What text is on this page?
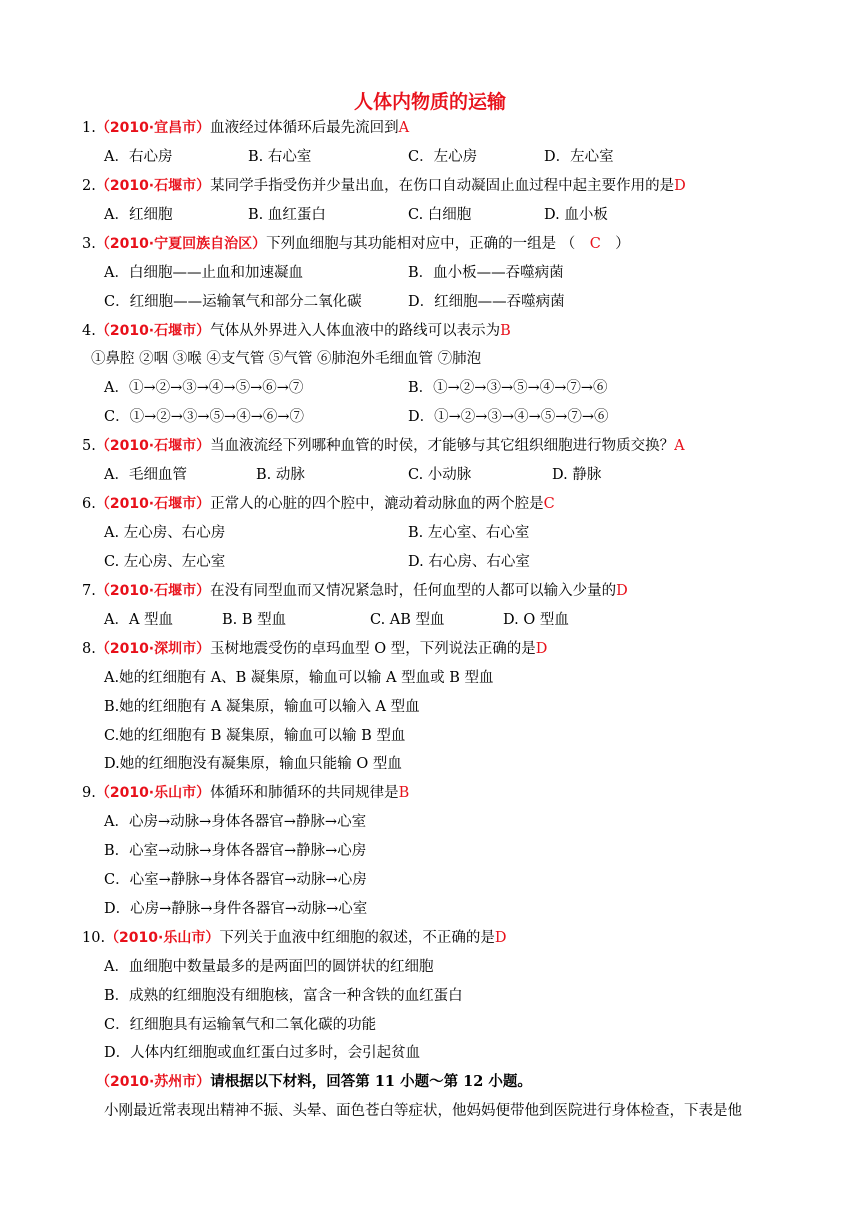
人体内物质的运输
1.（2010·宜昌市）血液经过体循环后最先流回到A
A．右心房	B. 右心室	C．左心房	D．左心室
2.（2010·石堰市）某同学手指受伤并少量出血，在伤口自动凝固止血过程中起主要作用的是D
A．红细胞	B. 血红蛋白	C. 白细胞	D. 血小板
3.（2010·宁夏回族自治区）下列血细胞与其功能相对应中，正确的一组是 （ C ）
A．白细胞——止血和加速凝血	B．血小板——吞噬病菌
C．红细胞——运输氧气和部分二氧化碳	D．红细胞——吞噬病菌
4.（2010·石堰市）气体从外界进入人体血液中的路线可以表示为B
①鼻腔 ②咽 ③喉 ④支气管 ⑤气管 ⑥肺泡外毛细血管 ⑦肺泡
A．①→②→③→④→⑤→⑥→⑦	B．①→②→③→⑤→④→⑦→⑥
C．①→②→③→⑤→④→⑥→⑦	D．①→②→③→④→⑤→⑦→⑥
5.（2010·石堰市）当血液流经下列哪种血管的时侯，才能够与其它组织细胞进行物质交换？A
A．毛细血管	B. 动脉	C. 小动脉	D. 静脉
6.（2010·石堰市）正常人的心脏的四个腔中，漉动着动脉血的两个腔是C
A. 左心房、右心房	B. 左心室、右心室
C. 左心房、左心室	D. 右心房、右心室
7.（2010·石堰市）在没有同型血而又情况紧急时，任何血型的人都可以输入少量的D
A．A 型血	B. B 型血	C. AB 型血	D. O 型血
8.（2010·深圳市）玉树地震受伤的卓玛血型 O 型，下列说法正确的是D
A.她的红细胞有 A、B 凝集原，输血可以输 A 型血或 B 型血
B.她的红细胞有 A 凝集原，输血可以输入 A 型血
C.她的红细胞有 B 凝集原，输血可以输 B 型血
D.她的红细胞没有凝集原，输血只能输 O 型血
9.（2010·乐山市）体循环和肺循环的共同规律是B
A．心房→动脉→身体各器官→静脉→心室
B．心室→动脉→身体各器官→静脉→心房
C．心室→静脉→身体各器官→动脉→心房
D．心房→静脉→身件各器官→动脉→心室
10.（2010·乐山市）下列关于血液中红细胞的叙述，不正确的是D
A．血细胞中数量最多的是两面凹的圆饼状的红细胞
B．成熟的红细胞没有细胞核，富含一种含铁的血红蛋白
C．红细胞具有运输氧气和二氧化碳的功能
D．人体内红细胞或血红蛋白过多时，会引起贫血
（2010·苏州市）请根据以下材料，回答第 11 小题～第 12 小题。
小刚最近常表现出精神不振、头晕、面色苍白等症状，他妈妈便带他到医院进行身体检查，下表是他
